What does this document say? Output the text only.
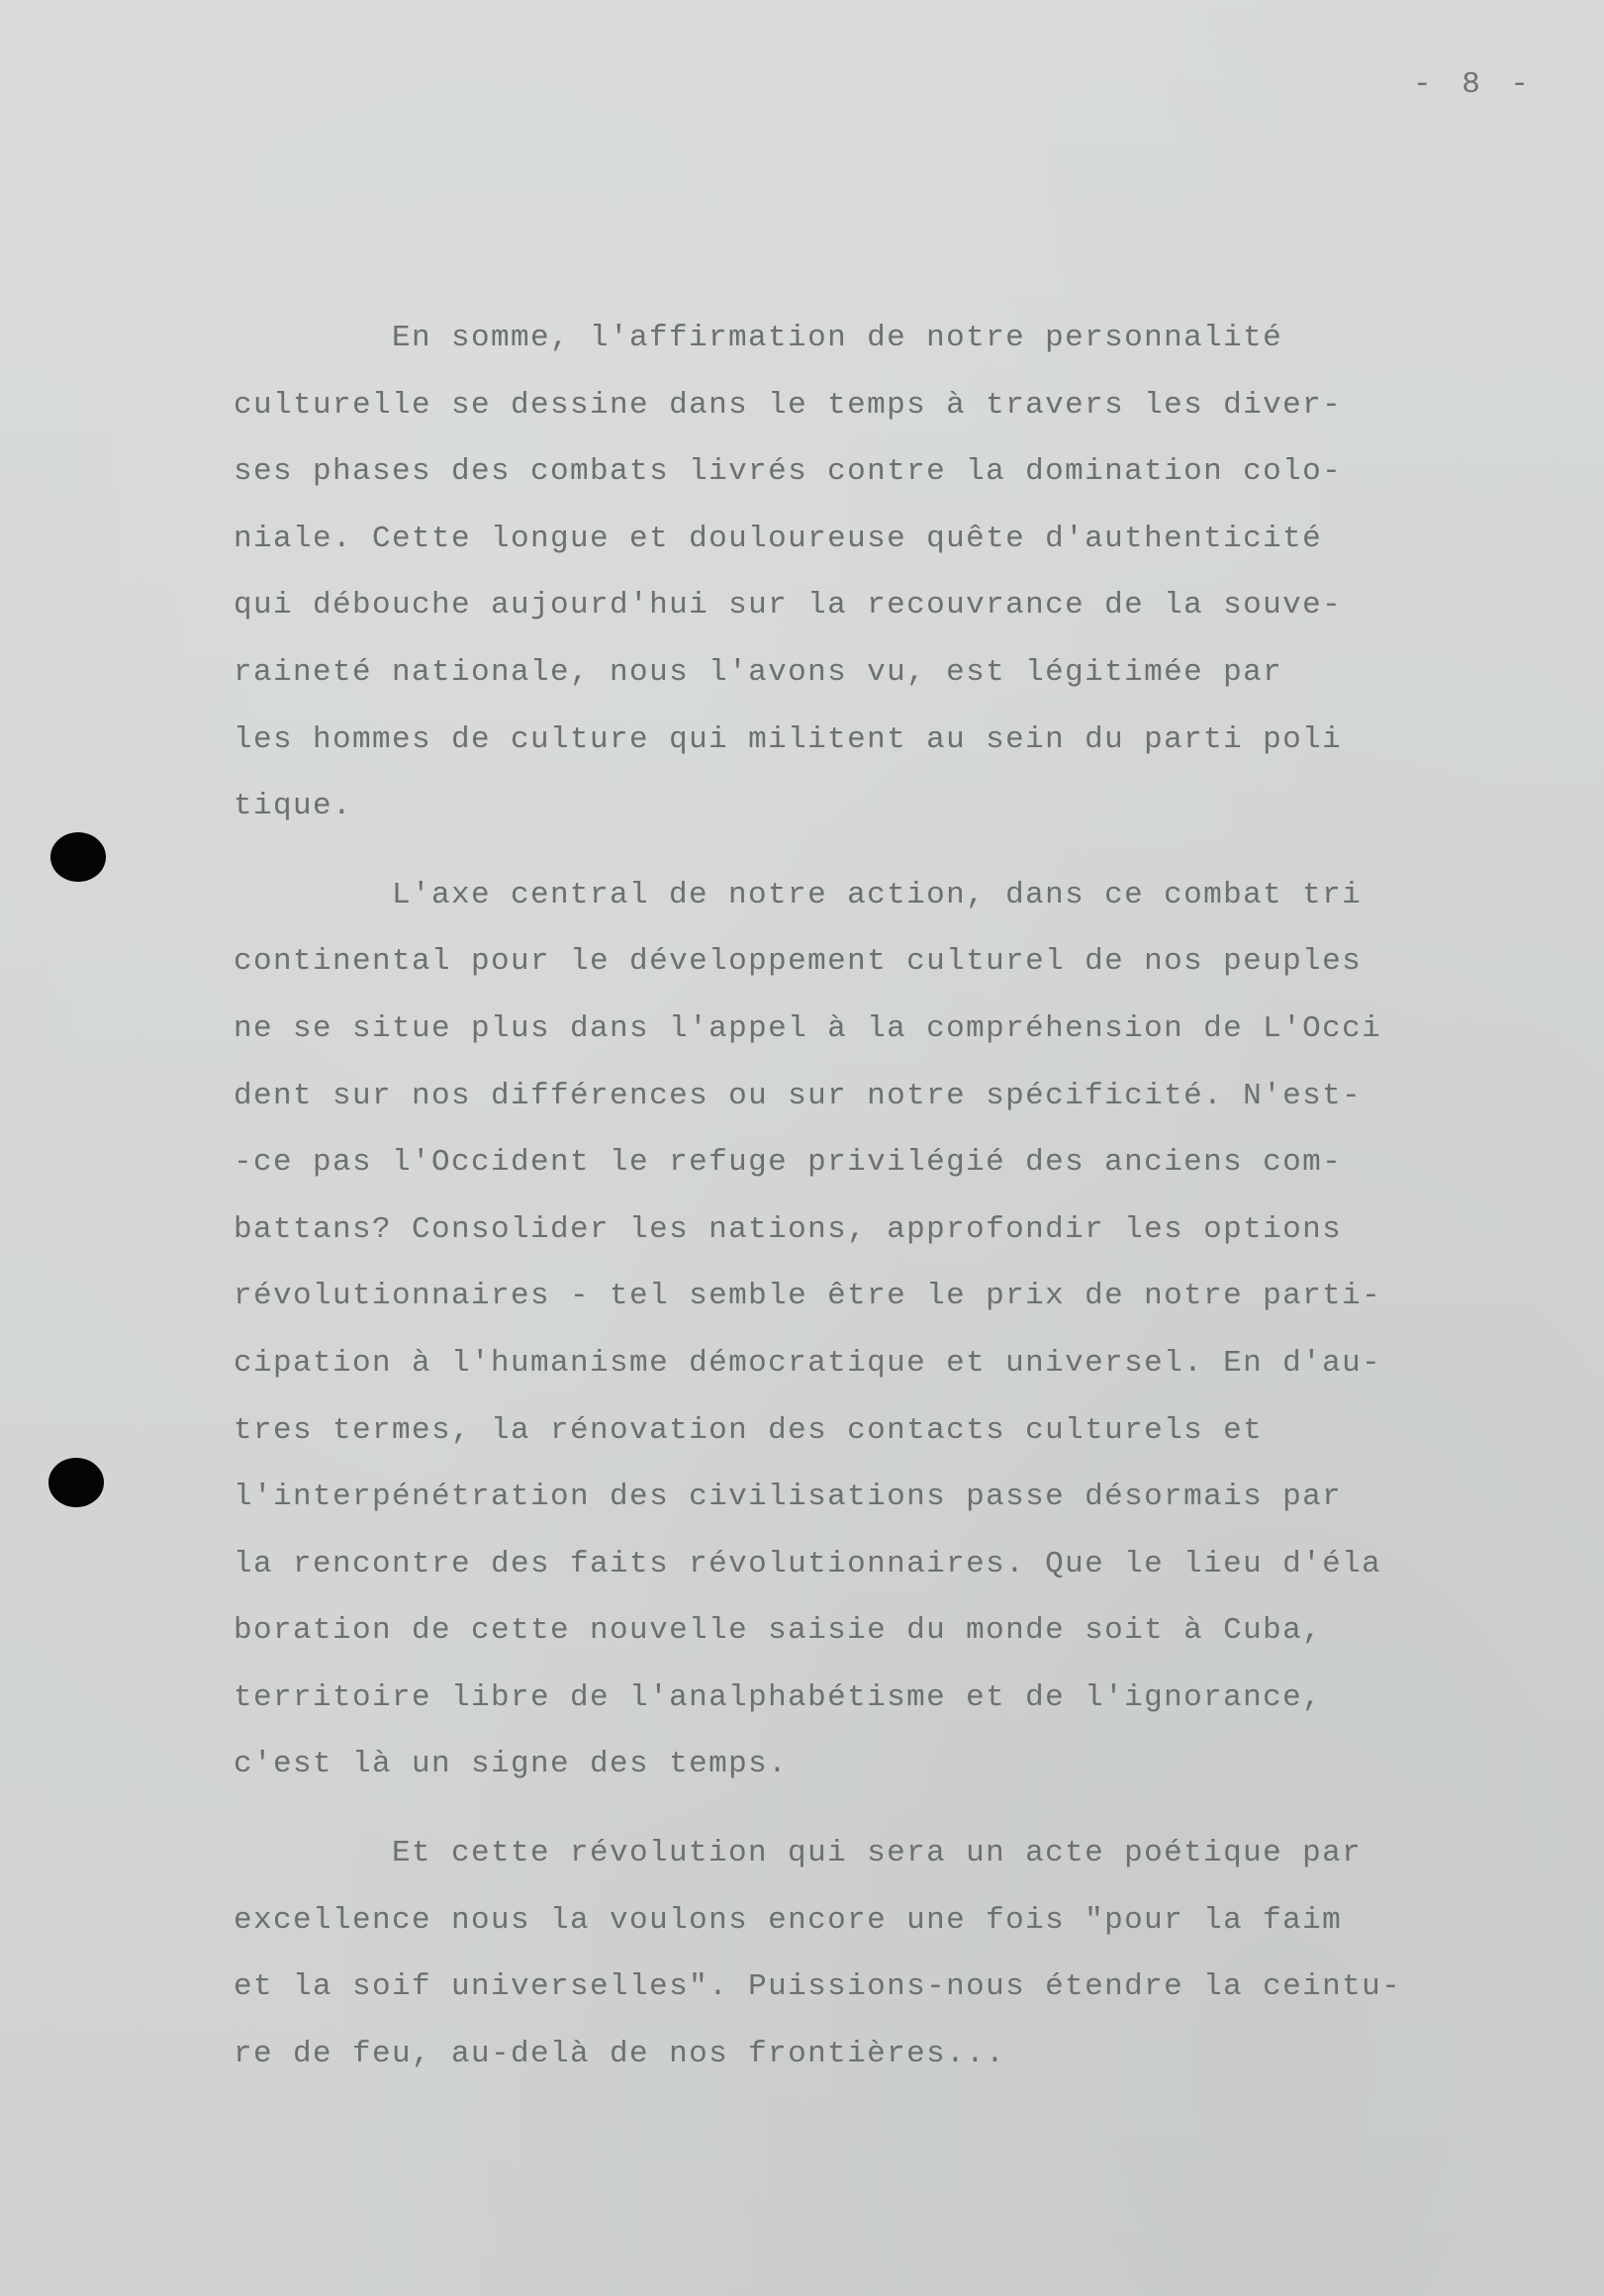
- 8 -
En somme, l'affirmation de notre personnalité
culturelle se dessine dans le temps à travers les diver-
ses phases des combats livrés contre la domination colo-
niale. Cette longue et douloureuse quête d'authenticité
qui débouche aujourd'hui sur la recouvrance de la souve-
raineté nationale, nous l'avons vu, est légitimée par
les hommes de culture qui militent au sein du parti poli
tique.
L'axe central de notre action, dans ce combat tri
continental pour le développement culturel de nos peuples
ne se situe plus dans l'appel à la compréhension de L'Occi
dent sur nos différences ou sur notre spécificité. N'est-
-ce pas l'Occident le refuge privilégié des anciens com-
battans? Consolider les nations, approfondir les options
révolutionnaires - tel semble être le prix de notre parti-
cipation à l'humanisme démocratique et universel. En d'au-
tres termes, la rénovation des contacts culturels et
l'interpénétration des civilisations passe désormais par
la rencontre des faits révolutionnaires. Que le lieu d'éla
boration de cette nouvelle saisie du monde soit à Cuba,
territoire libre de l'analphabétisme et de l'ignorance,
c'est là un signe des temps.
Et cette révolution qui sera un acte poétique par
excellence nous la voulons encore une fois "pour la faim
et la soif universelles". Puissions-nous étendre la ceintu-
re de feu, au-delà de nos frontières...
